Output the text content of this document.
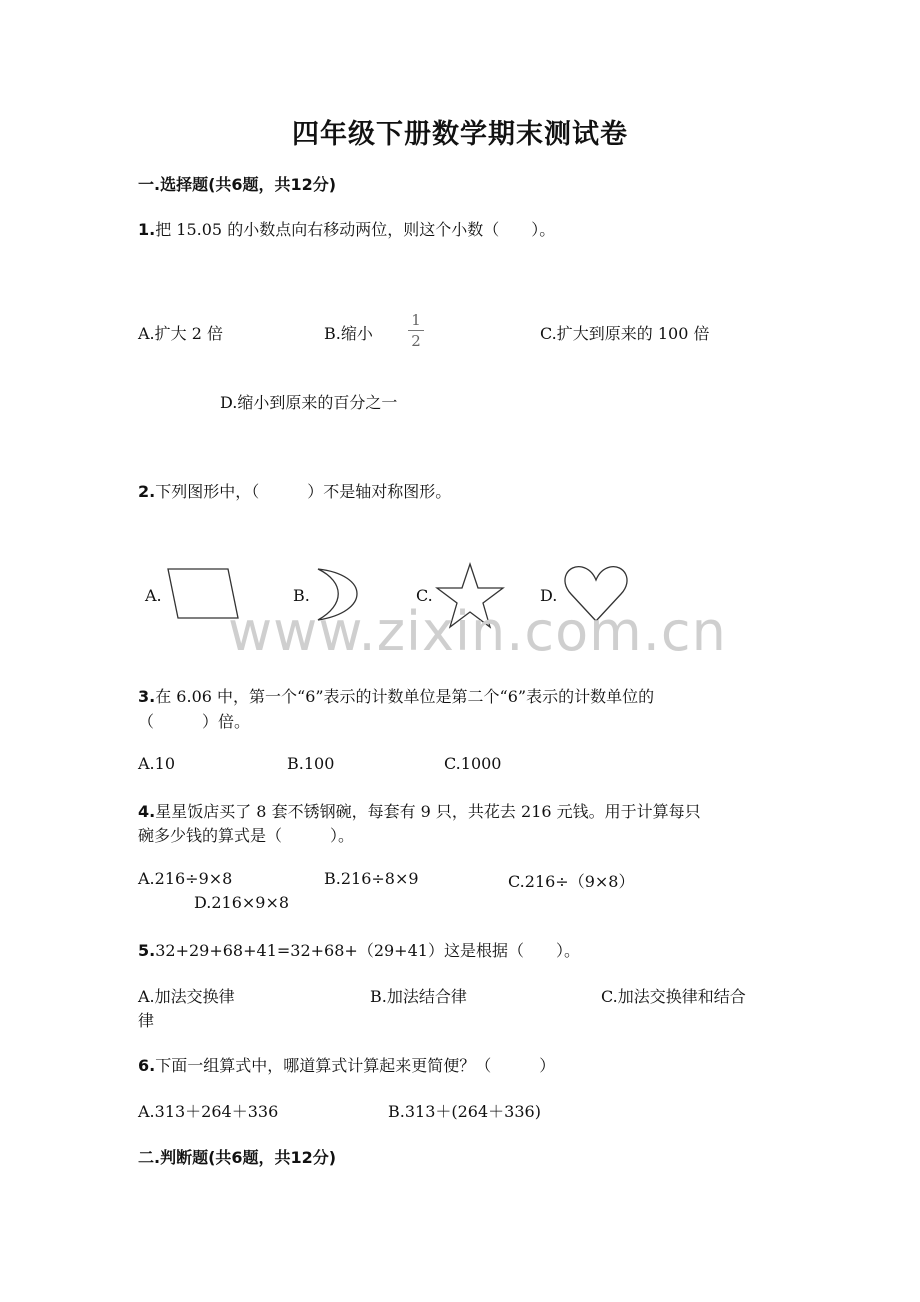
四年级下册数学期末测试卷
一.选择题(共6题，共12分)
1.把 15.05 的小数点向右移动两位，则这个小数（　　）。
A.扩大 2 倍	B.缩小
1
2	C.扩大到原来的 100 倍
D.缩小到原来的百分之一
2.下列图形中，（　　　）不是轴对称图形。
A.	B.	C.	D.
www.zixin.com.cn
3.在 6.06 中，第一个“6”表示的计数单位是第二个“6”表示的计数单位的
（　　　）倍。
A.10	B.100	C.1000
4.星星饭店买了 8 套不锈钢碗，每套有 9 只，共花去 216 元钱。用于计算每只
碗多少钱的算式是（　　　）。
A.216÷9×8	B.216÷8×9	C.216÷（9×8）
D.216×9×8
5.32+29+68+41=32+68+（29+41）这是根据（　　）。
A.加法交换律	B.加法结合律	C.加法交换律和结合
律
6.下面一组算式中，哪道算式计算起来更简便？（　　　）
A.313＋264＋336	B.313＋(264＋336)
二.判断题(共6题，共12分)
